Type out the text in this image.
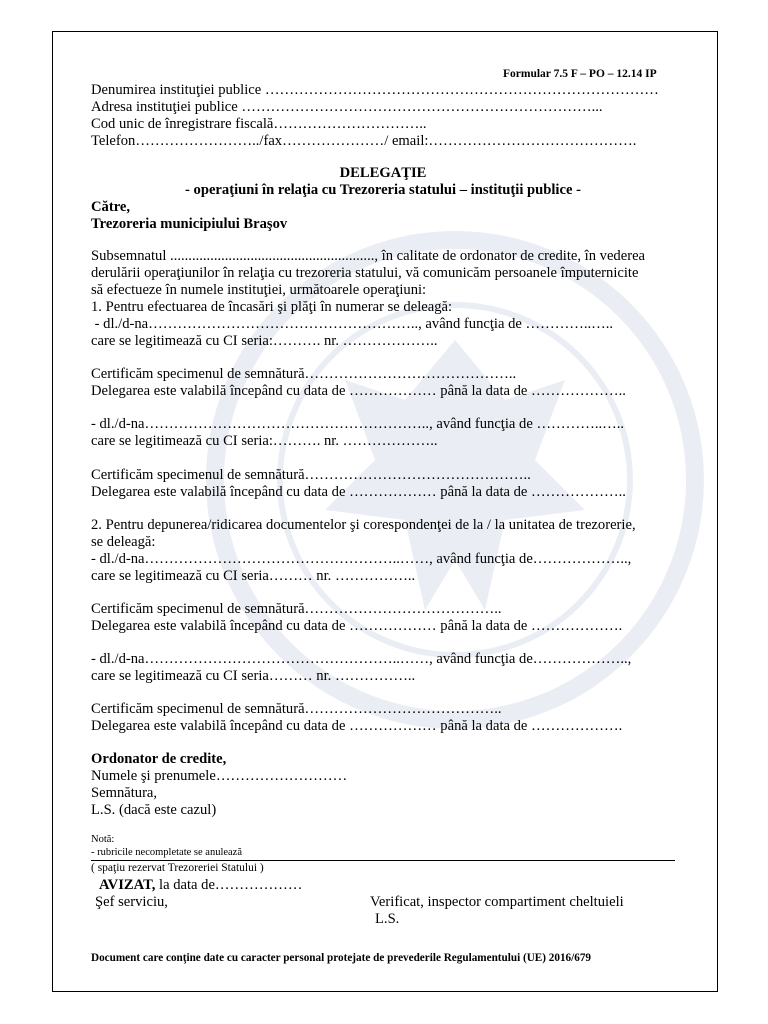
Formular 7.5 F – PO – 12.14 IP
Denumirea instituţiei publice ………………………………………………………………………
Adresa instituţiei publice ………………………………………………………………...
Cod unic de înregistrare fiscală…………………………..
Telefon……………………../fax…………………/ email:…………………………………….
DELEGAŢIE
- operaţiuni în relaţia cu Trezoreria statului – instituţii publice -
Către,
Trezoreria municipiului Braşov
Subsemnatul ........................................................, în calitate de ordonator de credite, în vederea
derulării operaţiunilor în relaţia cu trezoreria statului, vă comunicăm persoanele împuternicite
să efectueze în numele instituţiei, următoarele operaţiuni:
1. Pentru efectuarea de încasări şi plăţi în numerar se deleagă:
- dl./d-na……………………………………………….., având funcţia de …………..…..
care se legitimează cu CI seria:………. nr. ………………..
Certificăm specimenul de semnătură……………………………………..
Delegarea este valabilă începând cu data de ……………… până la data de ………………..
- dl./d-na………………………………………………….., având funcţia de …………..…..
care se legitimează cu CI seria:………. nr. ………………..
Certificăm specimenul de semnătură………………………………………..
Delegarea este valabilă începând cu data de ……………… până la data de ………………..
2. Pentru depunerea/ridicarea documentelor şi corespondenţei de la / la unitatea de trezorerie,
se deleagă:
- dl./d-na……………………………………………..……, având funcţia de………………..,
care se legitimează cu CI seria……… nr. ……………..
Certificăm specimenul de semnătură…………………………………..
Delegarea este valabilă începând cu data de ……………… până la data de ……………….
- dl./d-na……………………………………………..……, având funcţia de………………..,
care se legitimează cu CI seria……… nr. ……………..
Certificăm specimenul de semnătură…………………………………..
Delegarea este valabilă începând cu data de ……………… până la data de ……………….
Ordonator de credite,
Numele şi prenumele………………………
Semnătura,
L.S. (dacă este cazul)
Notă:
- rubricile necompletate se anulează
( spaţiu rezervat Trezoreriei Statului )
AVIZAT, la data de………………
Şef serviciu,	Verificat, inspector compartiment cheltuieli
L.S.
Document care conţine date cu caracter personal protejate de prevederile Regulamentului (UE) 2016/679
